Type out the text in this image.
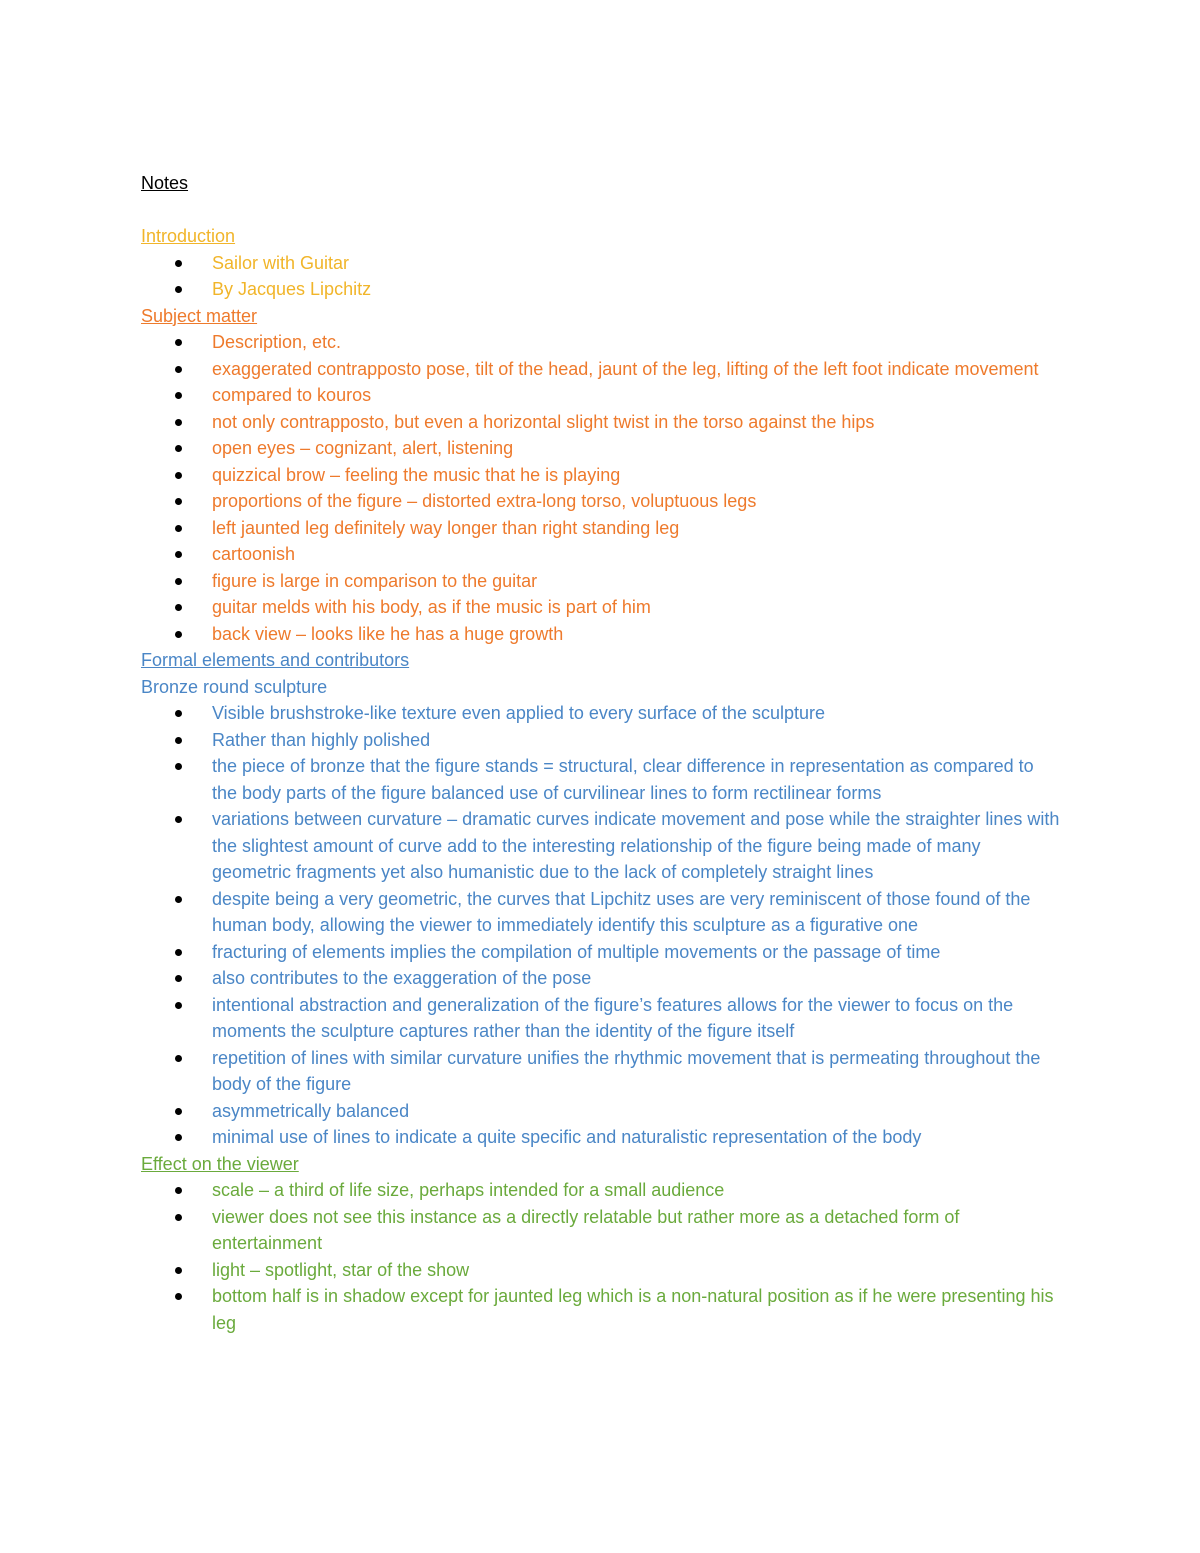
Notes

Introduction

Sailor with Guitar
By Jacques Lipchitz

Subject matter

Description, etc.
exaggerated contrapposto pose, tilt of the head, jaunt of the leg, lifting of the left foot indicate movement
compared to kouros
not only contrapposto, but even a horizontal slight twist in the torso against the hips
open eyes – cognizant, alert, listening
quizzical brow – feeling the music that he is playing
proportions of the figure – distorted extra-long torso, voluptuous legs
left jaunted leg definitely way longer than right standing leg
cartoonish
figure is large in comparison to the guitar
guitar melds with his body, as if the music is part of him
back view – looks like he has a huge growth

Formal elements and contributors

Bronze round sculpture

Visible brushstroke-like texture even applied to every surface of the sculpture
Rather than highly polished
the piece of bronze that the figure stands = structural, clear difference in representation as compared to the body parts of the figure balanced use of curvilinear lines to form rectilinear forms
variations between curvature – dramatic curves indicate movement and pose while the straighter lines with the slightest amount of curve add to the interesting relationship of the figure being made of many geometric fragments yet also humanistic due to the lack of completely straight lines
despite being a very geometric, the curves that Lipchitz uses are very reminiscent of those found of the human body, allowing the viewer to immediately identify this sculpture as a figurative one
fracturing of elements implies the compilation of multiple movements or the passage of time
also contributes to the exaggeration of the pose
intentional abstraction and generalization of the figure’s features allows for the viewer to focus on the moments the sculpture captures rather than the identity of the figure itself
repetition of lines with similar curvature unifies the rhythmic movement that is permeating throughout the body of the figure
asymmetrically balanced
minimal use of lines to indicate a quite specific and naturalistic representation of the body

Effect on the viewer

scale – a third of life size, perhaps intended for a small audience
viewer does not see this instance as a directly relatable but rather more as a detached form of entertainment
light – spotlight, star of the show
bottom half is in shadow except for jaunted leg which is a non-natural position as if he were presenting his leg
